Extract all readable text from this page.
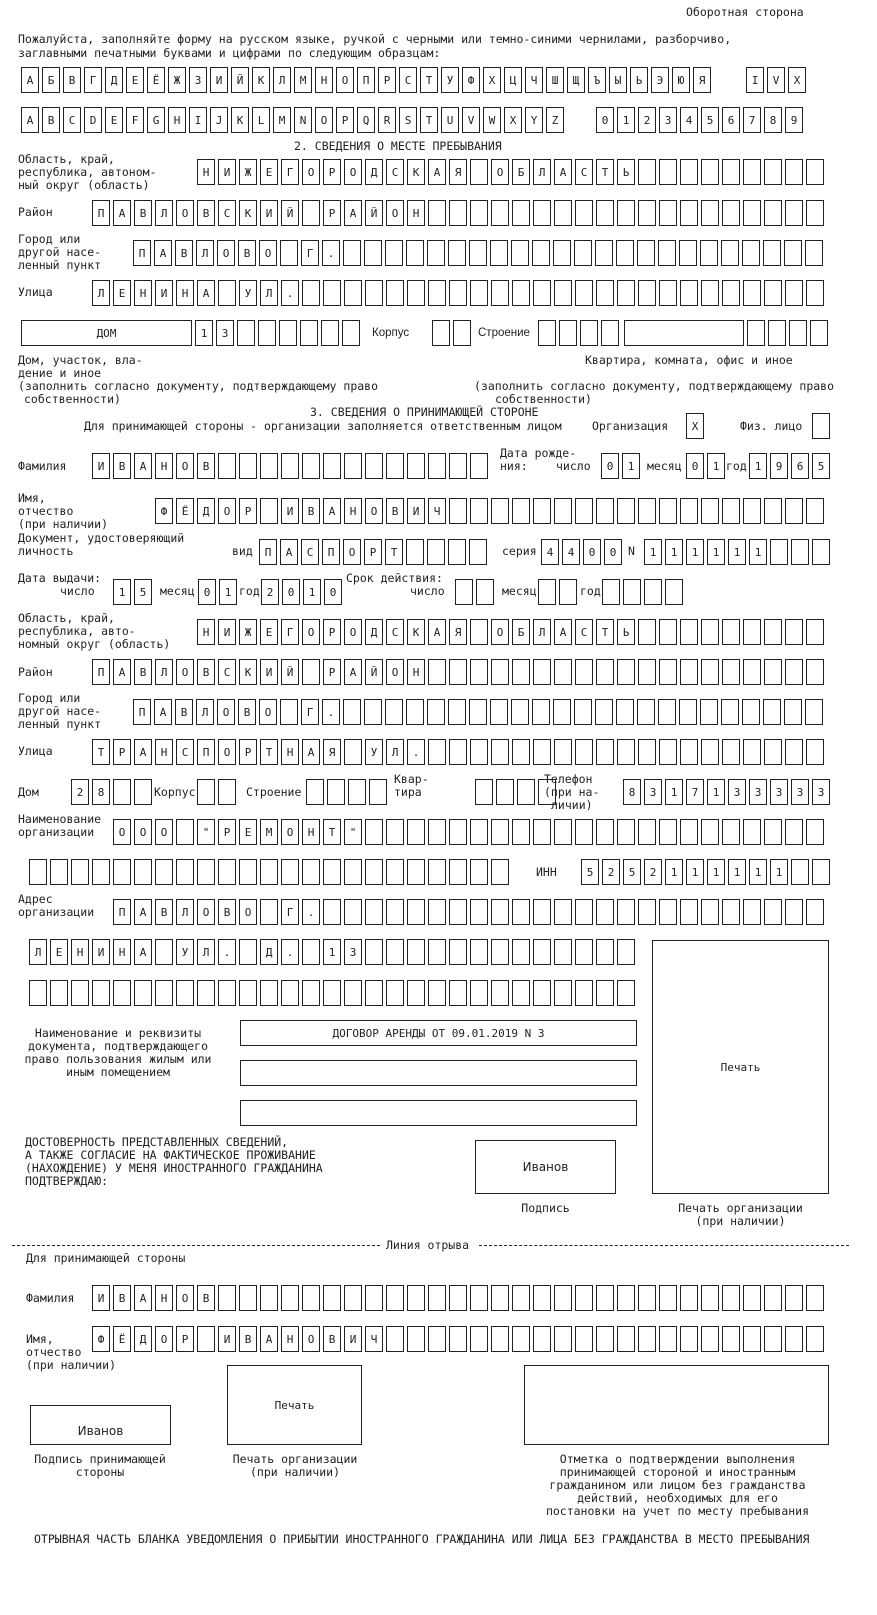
Оборотная сторона
Пожалуйста, заполняйте форму на русском языке, ручкой с черными или темно-синими чернилами, разборчиво,
заглавными печатными буквами и цифрами по следующим образцам:
А	Б	В	Г	Д	Е	Ё	Ж	З	И	Й	К	Л	М	Н	О	П	Р	С	Т	У	Ф	Х	Ц	Ч	Ш	Щ	Ъ	Ы	Ь	Э	Ю	Я	I	V	X
A	B	C	D	E	F	G	H	I	J	K	L	M	N	O	P	Q	R	S	T	U	V	W	X	Y	Z	0	1	2	3	4	5	6	7	8	9
2. СВЕДЕНИЯ О МЕСТЕ ПРЕБЫВАНИЯ
Область, край,
республика, автоном-
ный округ (область)
Н	И	Ж	Е	Г	О	Р	О	Д	С	К	А	Я	О	Б	Л	А	С	Т	Ь
Район	П	А	В	Л	О	В	С	К	И	Й	Р	А	Й	О	Н
Город или
другой насе-
ленный пункт
П	А	В	Л	О	В	О	Г	.
Улица	Л	Е	Н	И	Н	А	У	Л	.
ДОМ	1	3	Корпус	Строение
Дом, участок, вла-
дение и иное
(заполнить согласно документу, подтверждающему право
собственности)
Квартира, комната, офис и иное
(заполнить согласно документу, подтверждающему право
собственности)
3. СВЕДЕНИЯ О ПРИНИМАЮЩЕЙ СТОРОНЕ
Для принимающей стороны - организации заполняется ответственным лицом	Организация	Х	Физ. лицо
Фамилия	И	В	А	Н	О	В
Дата рожде-
ния: число	0	1	месяц 0	1 год 1	9	6	5
Имя,
отчество
(при наличии)
Ф	Ё	Д	О	Р	И	В	А	Н	О	В	И	Ч
Документ, удостоверяющий
личность	вид	П	А	С	П	О	Р	Т	серия 4	4	0	0	N	1	1	1	1	1	1
Дата выдачи:
число	1	5	месяц 0	1 год 2	0	1	0
Срок действия:
число	месяц	год
Область, край,
республика, авто-
номный округ (область)
Н	И	Ж	Е	Г	О	Р	О	Д	С	К	А	Я	О	Б	Л	А	С	Т	Ь
Район	П	А	В	Л	О	В	С	К	И	Й	Р	А	Й	О	Н
Город или
другой насе-
ленный пункт
П	А	В	Л	О	В	О	Г	.
Улица	Т	Р	А	Н	С	П	О	Р	Т	Н	А	Я	У	Л	.
Дом	2	8	Корпус	Строение
Квар-
тира
Телефон
(при на-
личии)
8	3	1	7	1	3	3	3	3	3
Наименование
организации	О	О	О	"	Р	Е	М	О	Н	Т	"
ИНН	5	2	5	2	1	1	1	1	1	1
Адрес
организации	П	А	В	Л	О	В	О	Г	.
Л	Е	Н	И	Н	А	У	Л	.	Д	.	1	3
Печать
Наименование и реквизиты
документа, подтверждающего
право пользования жилым или
иным помещением
ДОГОВОР АРЕНДЫ ОТ 09.01.2019 N 3
ДОСТОВЕРНОСТЬ ПРЕДСТАВЛЕННЫХ СВЕДЕНИЙ,
А ТАКЖЕ СОГЛАСИЕ НА ФАКТИЧЕСКОЕ ПРОЖИВАНИЕ
(НАХОЖДЕНИЕ) У МЕНЯ ИНОСТРАННОГО ГРАЖДАНИНА
ПОДТВЕРЖДАЮ:
Иванов
Подпись	Печать организации
(при наличии)
Линия отрыва
Для принимающей стороны
Фамилия	И	В	А	Н	О	В
Имя,
отчество
(при наличии)
Ф	Ё	Д	О	Р	И	В	А	Н	О	В	И	Ч
Иванов
Печать
Подпись принимающей
стороны
Печать организации
(при наличии)
Отметка о подтверждении выполнения
принимающей стороной и иностранным
гражданином или лицом без гражданства
действий, необходимых для его
постановки на учет по месту пребывания
ОТРЫВНАЯ ЧАСТЬ БЛАНКА УВЕДОМЛЕНИЯ О ПРИБЫТИИ ИНОСТРАННОГО ГРАЖДАНИНА ИЛИ ЛИЦА БЕЗ ГРАЖДАНСТВА В МЕСТО ПРЕБЫВАНИЯ
